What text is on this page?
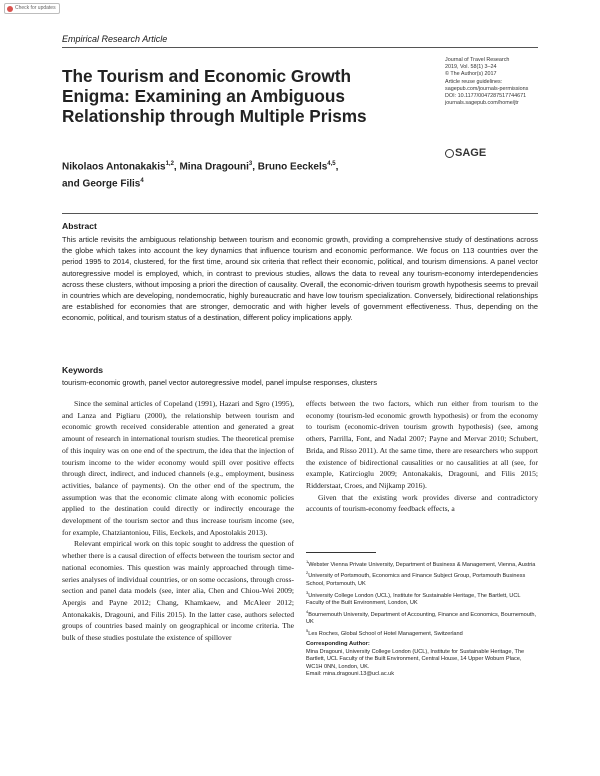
Check for updates
Empirical Research Article
The Tourism and Economic Growth Enigma: Examining an Ambiguous Relationship through Multiple Prisms
Journal of Travel Research
2019, Vol. 58(1) 3–24
© The Author(s) 2017
Article reuse guidelines:
sagepub.com/journals-permissions
DOI: 10.1177/0047287517744671
journals.sagepub.com/home/jtr
SAGE
Nikolaos Antonakakis$^{1,2}$, Mina Dragouni$^3$, Bruno Eeckels$^{4,5}$,
and George Filis$^4$
Abstract
This article revisits the ambiguous relationship between tourism and economic growth, providing a comprehensive study of destinations across the globe which takes into account the key dynamics that influence tourism and economic performance. We focus on 113 countries over the period 1995 to 2014, clustered, for the first time, around six criteria that reflect their economic, political, and tourism dimensions. A panel vector autoregressive model is employed, which, in contrast to previous studies, allows the data to reveal any tourism-economy interdependencies across these clusters, without imposing a priori the direction of causality. Overall, the economic-driven tourism growth hypothesis seems to prevail in countries which are developing, nondemocratic, highly bureaucratic and have low tourism specialization. Conversely, bidirectional relationships are established for economies that are stronger, democratic and with higher levels of government effectiveness. Thus, depending on the economic, political, and tourism status of a destination, different policy implications apply.
Keywords
tourism-economic growth, panel vector autoregressive model, panel impulse responses, clusters

Since the seminal articles of Copeland (1991), Hazari and Sgro (1995), and Lanza and Pigliaru (2000), the relationship between tourism and economic growth received considerable attention and generated a great amount of research in international tourism studies. The theoretical premise of this inquiry was on one end of the spectrum, the idea that the injection of tourism income to the wider economy would spill over positive effects through direct, indirect, and induced channels (e.g., employment, business activities, balance of payments). On the other end of the spectrum, the assumption was that the economic climate along with economic policies applied to the destination could directly or indirectly encourage the development of the tourism sector and thus increase tourism income (see, for example, Chatziantoniou, Filis, Eeckels, and Apostolakis 2013).

Relevant empirical work on this topic sought to address the question of whether there is a causal direction of effects between the tourism sector and national economies. This question was mainly approached through time-series analyses of individual countries, or on some occasions, through cross-section and panel data models (see, inter alia, Chen and Chiou-Wei 2009; Apergis and Payne 2012; Chang, Khamkaew, and McAleer 2012; Antonakakis, Dragouni, and Filis 2015). In the latter case, authors selected groups of countries based mainly on geographical or income criteria. The bulk of these studies postulate the existence of spillover

effects between the two factors, which run either from tourism to the economy (tourism-led economic growth hypothesis) or from the economy to tourism (economic-driven tourism growth hypothesis) (see, among others, Parrilla, Font, and Nadal 2007; Payne and Mervar 2010; Schubert, Brida, and Risso 2011). At the same time, there are researchers who support the existence of bidirectional causalities or no causalities at all (see, for example, Katircioglu 2009; Antonakakis, Dragouni, and Filis 2015; Ridderstaat, Croes, and Nijkamp 2016).

Given that the existing work provides diverse and contradictory accounts of tourism-economy feedback effects, a

$^1$Webster Vienna Private University, Department of Business & Management, Vienna, Austria
$^2$University of Portsmouth, Economics and Finance Subject Group, Portsmouth Business School, Portsmouth, UK
$^3$University College London (UCL), Institute for Sustainable Heritage, The Bartlett, UCL Faculty of the Built Environment, London, UK
$^4$Bournemouth University, Department of Accounting, Finance and Economics, Bournemouth, UK
$^5$Les Roches, Global School of Hotel Management, Switzerland
Corresponding Author:
Mina Dragouni, University College London (UCL), Institute for Sustainable Heritage, The Bartlett, UCL Faculty of the Built Environment, Central House, 14 Upper Woburn Place, WC1H 0NN, London, UK.
Email: mina.dragouni.13@ucl.ac.uk
